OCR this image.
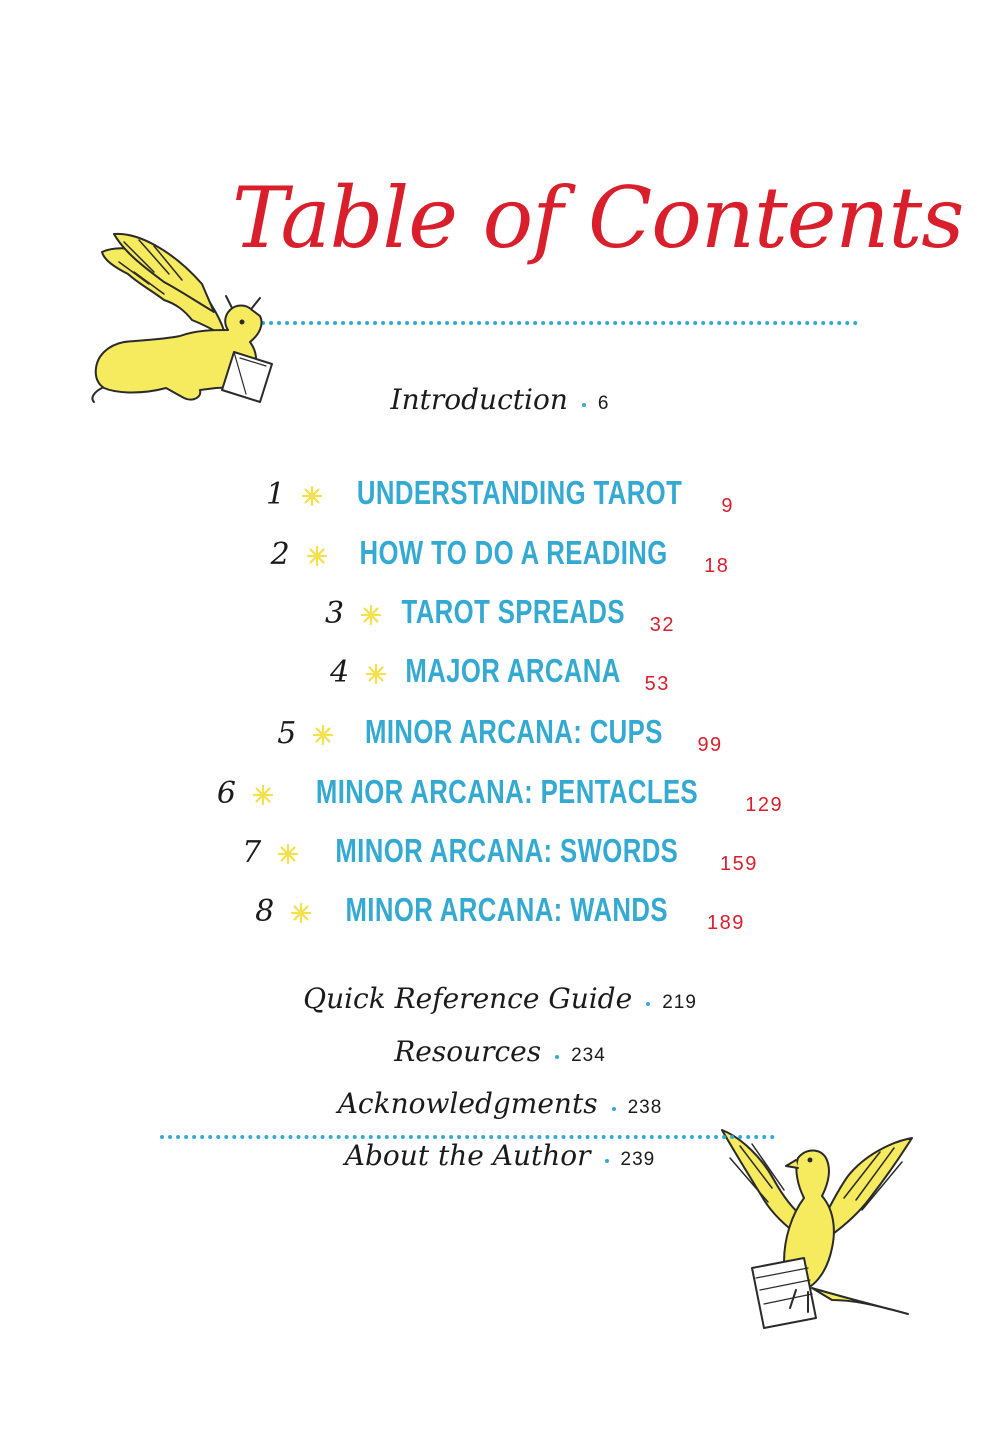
Table of Contents
Introduction 6
1 UNDERSTANDING TAROT 9
2 HOW TO DO A READING 18
3 TAROT SPREADS 32
4 MAJOR ARCANA 53
5 MINOR ARCANA: CUPS 99
6 MINOR ARCANA: PENTACLES 129
7 MINOR ARCANA: SWORDS 159
8 MINOR ARCANA: WANDS 189
Quick Reference Guide 219
Resources 234
Acknowledgments 238
About the Author 239
